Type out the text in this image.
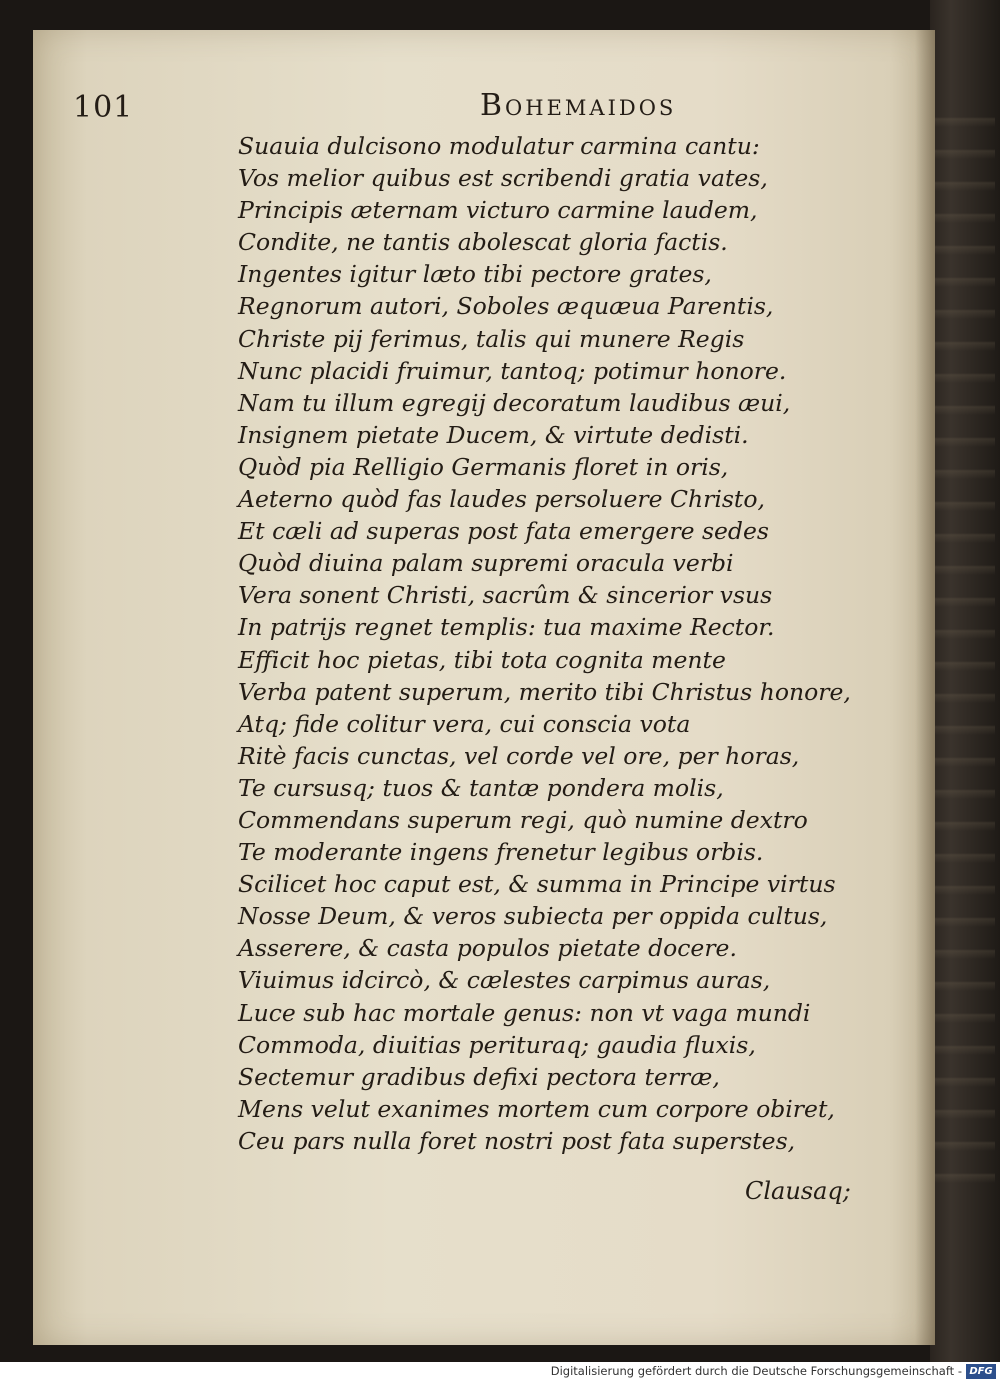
101	Bohemaidos
Suauia dulcisono modulatur carmina cantu:
Vos melior quibus est scribendi gratia vates,
Principis æternam victuro carmine laudem,
Condite, ne tantis abolescat gloria factis.
Ingentes igitur læto tibi pectore grates,
Regnorum autori, Soboles æquæua Parentis,
Christe pij ferimus, talis qui munere Regis
Nunc placidi fruimur, tantoq; potimur honore.
Nam tu illum egregij decoratum laudibus æui,
Insignem pietate Ducem, & virtute dedisti.
Quòd pia Relligio Germanis floret in oris,
Aeterno quòd fas laudes persoluere Christo,
Et cæli ad superas post fata emergere sedes
Quòd diuina palam supremi oracula verbi
Vera sonent Christi, sacrûm & sincerior vsus
In patrijs regnet templis: tua maxime Rector.
Efficit hoc pietas, tibi tota cognita mente
Verba patent superum, merito tibi Christus honore,
Atq; fide colitur vera, cui conscia vota
Ritè facis cunctas, vel corde vel ore, per horas,
Te cursusq; tuos & tantæ pondera molis,
Commendans superum regi, quò numine dextro
Te moderante ingens frenetur legibus orbis.
Scilicet hoc caput est, & summa in Principe virtus
Nosse Deum, & veros subiecta per oppida cultus,
Asserere, & casta populos pietate docere.
Viuimus idcircò, & cælestes carpimus auras,
Luce sub hac mortale genus: non vt vaga mundi
Commoda, diuitias perituraq; gaudia fluxis,
Sectemur gradibus defixi pectora terræ,
Mens velut exanimes mortem cum corpore obiret,
Ceu pars nulla foret nostri post fata superstes,
Clausaq;
Digitalisierung gefördert durch die Deutsche Forschungsgemeinschaft - DFG
